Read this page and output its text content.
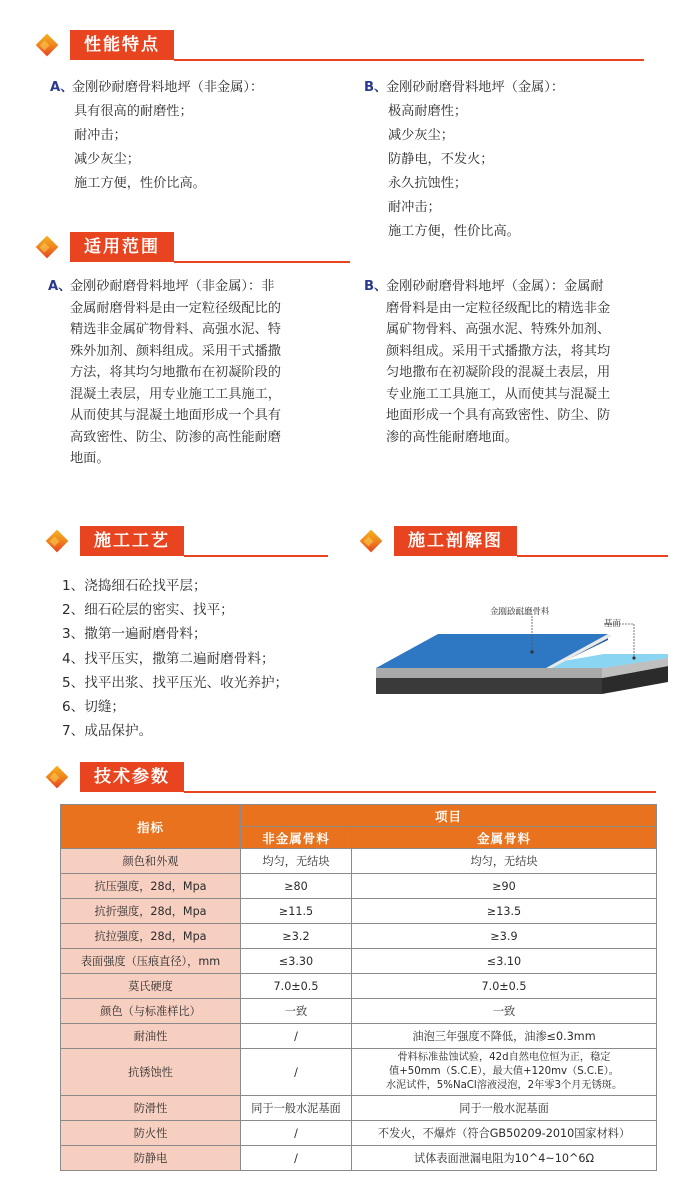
性能特点
A、金刚砂耐磨骨料地坪（非金属）：
具有很高的耐磨性；
耐冲击；
减少灰尘；
施工方便，性价比高。
B、金刚砂耐磨骨料地坪（金属）：
极高耐磨性；
减少灰尘；
防静电，不发火；
永久抗蚀性；
耐冲击；
施工方便，性价比高。
适用范围
A、
金刚砂耐磨骨料地坪（非金属）：非
金属耐磨骨料是由一定粒径级配比的
精选非金属矿物骨料、高强水泥、特
殊外加剂、颜料组成。采用干式播撒
方法，将其均匀地撒布在初凝阶段的
混凝土表层，用专业施工工具施工，
从而使其与混凝土地面形成一个具有
高致密性、防尘、防渗的高性能耐磨
地面。
B、
金刚砂耐磨骨料地坪（金属）：金属耐
磨骨料是由一定粒径级配比的精选非金
属矿物骨料、高强水泥、特殊外加剂、
颜料组成。采用干式播撒方法，将其均
匀地撒布在初凝阶段的混凝土表层，用
专业施工工具施工，从而使其与混凝土
地面形成一个具有高致密性、防尘、防
渗的高性能耐磨地面。
施工工艺
1、浇捣细石砼找平层；
2、细石砼层的密实、找平；
3、撒第一遍耐磨骨料；
4、找平压实，撒第二遍耐磨骨料；
5、找平出浆、找平压光、收光养护；
6、切缝；
7、成品保护。
施工剖解图
金刚砂耐磨骨料
基面
技术参数
指标	项目	
	非金属骨料	金属骨料
颜色和外观	均匀，无结块	均匀，无结块
抗压强度，28d，Mpa	≥80	≥90
抗折强度，28d，Mpa	≥11.5	≥13.5
抗拉强度，28d，Mpa	≥3.2	≥3.9
表面强度（压痕直径），mm	≤3.30	≤3.10
莫氏硬度	7.0±0.5	7.0±0.5
颜色（与标准样比）	一致	一致
耐油性	/	油泡三年强度不降低，油渗≤0.3mm
抗锈蚀性	/	骨料标准盐蚀试验，42d自然电位恒为正，稳定
值+50mm（S.C.E），最大值+120mv（S.C.E）。
水泥试件，5%NaCl溶液浸泡，2年零3个月无锈斑。

防滑性	同于一般水泥基面	同于一般水泥基面
防火性	/	不发火，不爆炸（符合GB50209-2010国家材料）
防静电	/	试体表面泄漏电阻为10^4~10^6Ω
